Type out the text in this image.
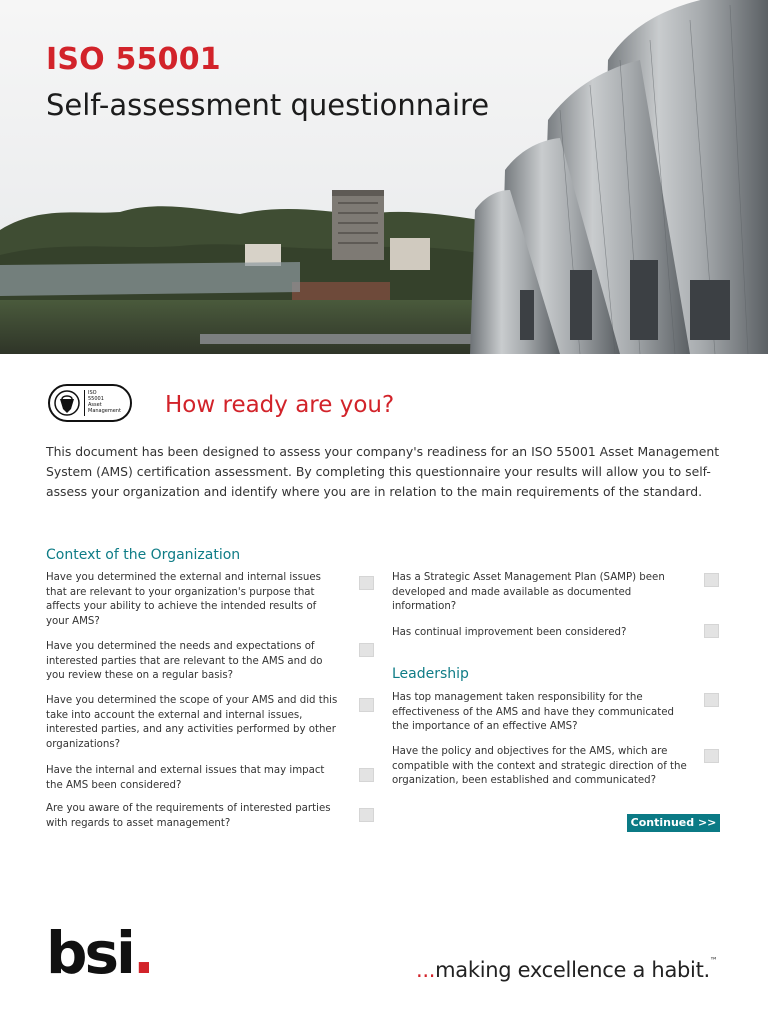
ISO 55001
Self-assessment questionnaire
ISO
55001
Asset
Management How ready are you?

This document has been designed to assess your company's readiness for an ISO 55001 Asset Management System (AMS) certification assessment. By completing this questionnaire your results will allow you to self-assess your organization and identify where you are in relation to the main requirements of the standard.

Context of the Organization
Have you determined the external and internal issues that are relevant to your organization's purpose that affects your ability to achieve the intended results of your AMS?
Have you determined the needs and expectations of interested parties that are relevant to the AMS and do you review these on a regular basis?
Have you determined the scope of your AMS and did this take into account the external and internal issues, interested parties, and any activities performed by other organizations?
Have the internal and external issues that may impact the AMS been considered?
Are you aware of the requirements of interested parties with regards to asset management?
Has a Strategic Asset Management Plan (SAMP) been developed and made available as documented information?
Has continual improvement been considered?
Leadership
Has top management taken responsibility for the effectiveness of the AMS and have they communicated the importance of an effective AMS?
Have the policy and objectives for the AMS, which are compatible with the context and strategic direction of the organization, been established and communicated?
Continued >>
bsi.	...making excellence a habit.™
